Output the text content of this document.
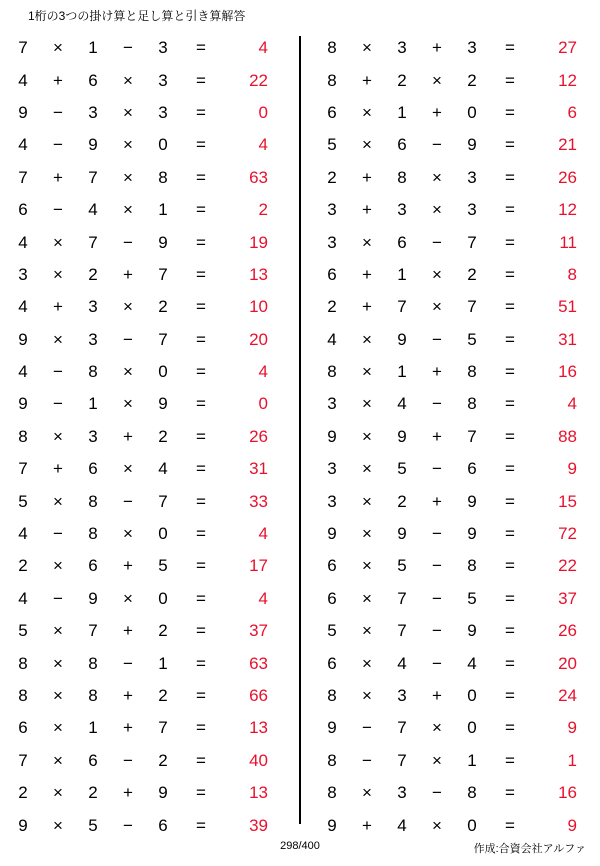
1桁の3つの掛け算と足し算と引き算解答
7	×	1	−	3	=	4
4	+	6	×	3	=	22
9	−	3	×	3	=	0
4	−	9	×	0	=	4
7	+	7	×	8	=	63
6	−	4	×	1	=	2
4	×	7	−	9	=	19
3	×	2	+	7	=	13
4	+	3	×	2	=	10
9	×	3	−	7	=	20
4	−	8	×	0	=	4
9	−	1	×	9	=	0
8	×	3	+	2	=	26
7	+	6	×	4	=	31
5	×	8	−	7	=	33
4	−	8	×	0	=	4
2	×	6	+	5	=	17
4	−	9	×	0	=	4
5	×	7	+	2	=	37
8	×	8	−	1	=	63
8	×	8	+	2	=	66
6	×	1	+	7	=	13
7	×	6	−	2	=	40
2	×	2	+	9	=	13
9	×	5	−	6	=	39
8	×	3	+	3	=	27
8	+	2	×	2	=	12
6	×	1	+	0	=	6
5	×	6	−	9	=	21
2	+	8	×	3	=	26
3	+	3	×	3	=	12
3	×	6	−	7	=	11
6	+	1	×	2	=	8
2	+	7	×	7	=	51
4	×	9	−	5	=	31
8	×	1	+	8	=	16
3	×	4	−	8	=	4
9	×	9	+	7	=	88
3	×	5	−	6	=	9
3	×	2	+	9	=	15
9	×	9	−	9	=	72
6	×	5	−	8	=	22
6	×	7	−	5	=	37
5	×	7	−	9	=	26
6	×	4	−	4	=	20
8	×	3	+	0	=	24
9	−	7	×	0	=	9
8	−	7	×	1	=	1
8	×	3	−	8	=	16
9	+	4	×	0	=	9
298/400	作成:合資会社アルファ
